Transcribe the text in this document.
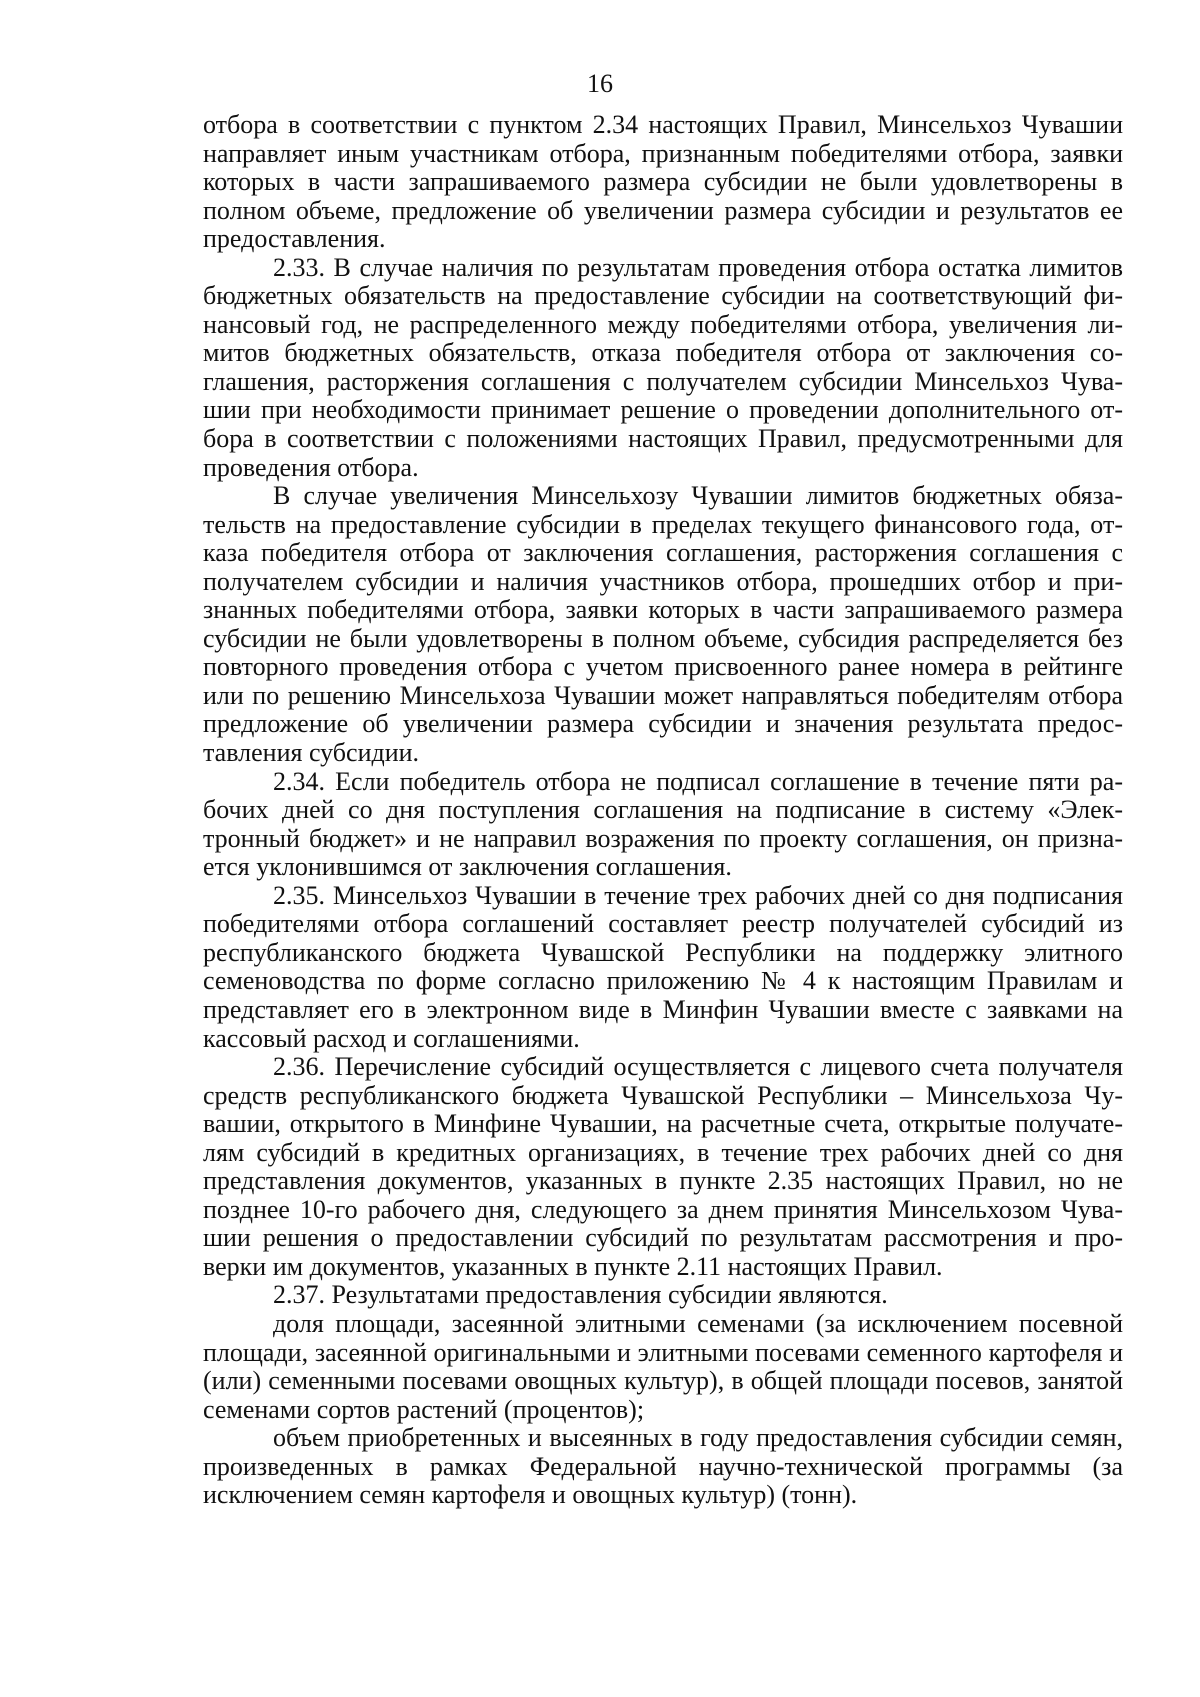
16

отбора в соответствии с пунктом 2.34 настоящих Правил, Минсельхоз Чувашии направляет иным участникам отбора, признанным победителями отбора, заявки которых в части запрашиваемого размера субсидии не были удовлетворены в полном объеме, предложение об увеличении размера субсидии и результатов ее предоставления.

2.33. В случае наличия по результатам проведения отбора остатка лимитов бюджетных обязательств на предоставление субсидии на соответствующий финансовый год, не распределенного между победителями отбора, увеличения лимитов бюджетных обязательств, отказа победителя отбора от заключения соглашения, расторжения соглашения с получателем субсидии Минсельхоз Чувашии при необходимости принимает решение о проведении дополнительного отбора в соответствии с положениями настоящих Правил, предусмотренными для проведения отбора.

В случае увеличения Минсельхозу Чувашии лимитов бюджетных обязательств на предоставление субсидии в пределах текущего финансового года, отказа победителя отбора от заключения соглашения, расторжения соглашения с получателем субсидии и наличия участников отбора, прошедших отбор и признанных победителями отбора, заявки которых в части запрашиваемого размера субсидии не были удовлетворены в полном объеме, субсидия распределяется без повторного проведения отбора с учетом присвоенного ранее номера в рейтинге или по решению Минсельхоза Чувашии может направляться победителям отбора предложение об увеличении размера субсидии и значения результата предоставления субсидии.

2.34. Если победитель отбора не подписал соглашение в течение пяти рабочих дней со дня поступления соглашения на подписание в систему «Электронный бюджет» и не направил возражения по проекту соглашения, он признается уклонившимся от заключения соглашения.

2.35. Минсельхоз Чувашии в течение трех рабочих дней со дня подписания победителями отбора соглашений составляет реестр получателей субсидий из республиканского бюджета Чувашской Республики на поддержку элитного семеноводства по форме согласно приложению № 4 к настоящим Правилам и представляет его в электронном виде в Минфин Чувашии вместе с заявками на кассовый расход и соглашениями.

2.36. Перечисление субсидий осуществляется с лицевого счета получателя средств республиканского бюджета Чувашской Республики – Минсельхоза Чувашии, открытого в Минфине Чувашии, на расчетные счета, открытые получателям субсидий в кредитных организациях, в течение трех рабочих дней со дня представления документов, указанных в пункте 2.35 настоящих Правил, но не позднее 10-го рабочего дня, следующего за днем принятия Минсельхозом Чувашии решения о предоставлении субсидий по результатам рассмотрения и проверки им документов, указанных в пункте 2.11 настоящих Правил.

2.37. Результатами предоставления субсидии являются.

доля площади, засеянной элитными семенами (за исключением посевной площади, засеянной оригинальными и элитными посевами семенного картофеля и (или) семенными посевами овощных культур), в общей площади посевов, занятой семенами сортов растений (процентов);

объем приобретенных и высеянных в году предоставления субсидии семян, произведенных в рамках Федеральной научно-технической программы (за исключением семян картофеля и овощных культур) (тонн).
